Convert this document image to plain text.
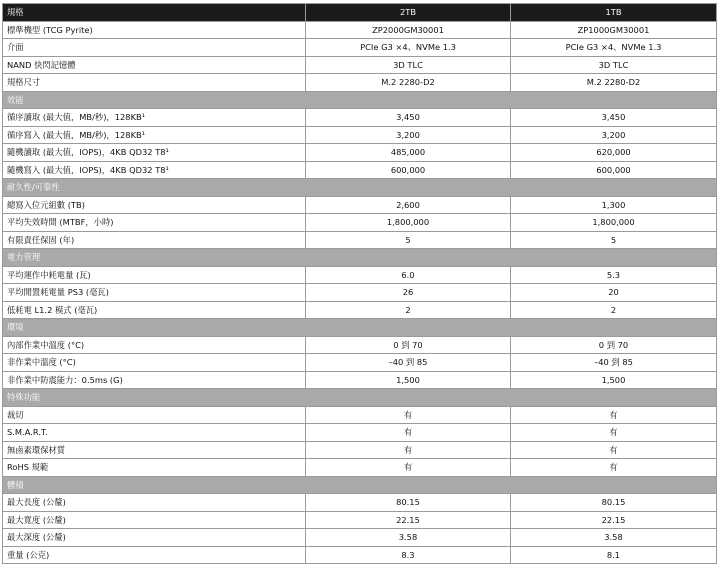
規格	2TB	1TB
標準機型 (TCG Pyrite)	ZP2000GM30001	ZP1000GM30001
介面	PCIe G3 ×4、NVMe 1.3	PCIe G3 ×4、NVMe 1.3
NAND 快閃記憶體	3D TLC	3D TLC
規格尺寸	M.2 2280-D2	M.2 2280-D2
效能		
循序讀取 (最大值，MB/秒)，128KB¹	3,450	3,450
循序寫入 (最大值，MB/秒)，128KB¹	3,200	3,200
隨機讀取 (最大值，IOPS)，4KB QD32 T8¹	485,000	620,000
隨機寫入 (最大值，IOPS)，4KB QD32 T8¹	600,000	600,000
耐久性/可靠性		
總寫入位元組數 (TB)	2,600	1,300
平均失效時間 (MTBF，小時)	1,800,000	1,800,000
有限責任保固 (年)	5	5
電力管理		
平均運作中耗電量 (瓦)	6.0	5.3
平均閒置耗電量 PS3 (毫瓦)	26	20
低耗電 L1.2 模式 (毫瓦)	2	2
環境		
內部作業中溫度 (°C)	0 到 70	0 到 70
非作業中溫度 (°C)	–40 到 85	–40 到 85
非作業中防震能力：0.5ms (G)	1,500	1,500
特殊功能		
裁切	有	有
S.M.A.R.T.	有	有
無鹵素環保材質	有	有
RoHS 規範	有	有
體積		
最大長度 (公釐)	80.15	80.15
最大寬度 (公釐)	22.15	22.15
最大深度 (公釐)	3.58	3.58
重量 (公克)	8.3	8.1
